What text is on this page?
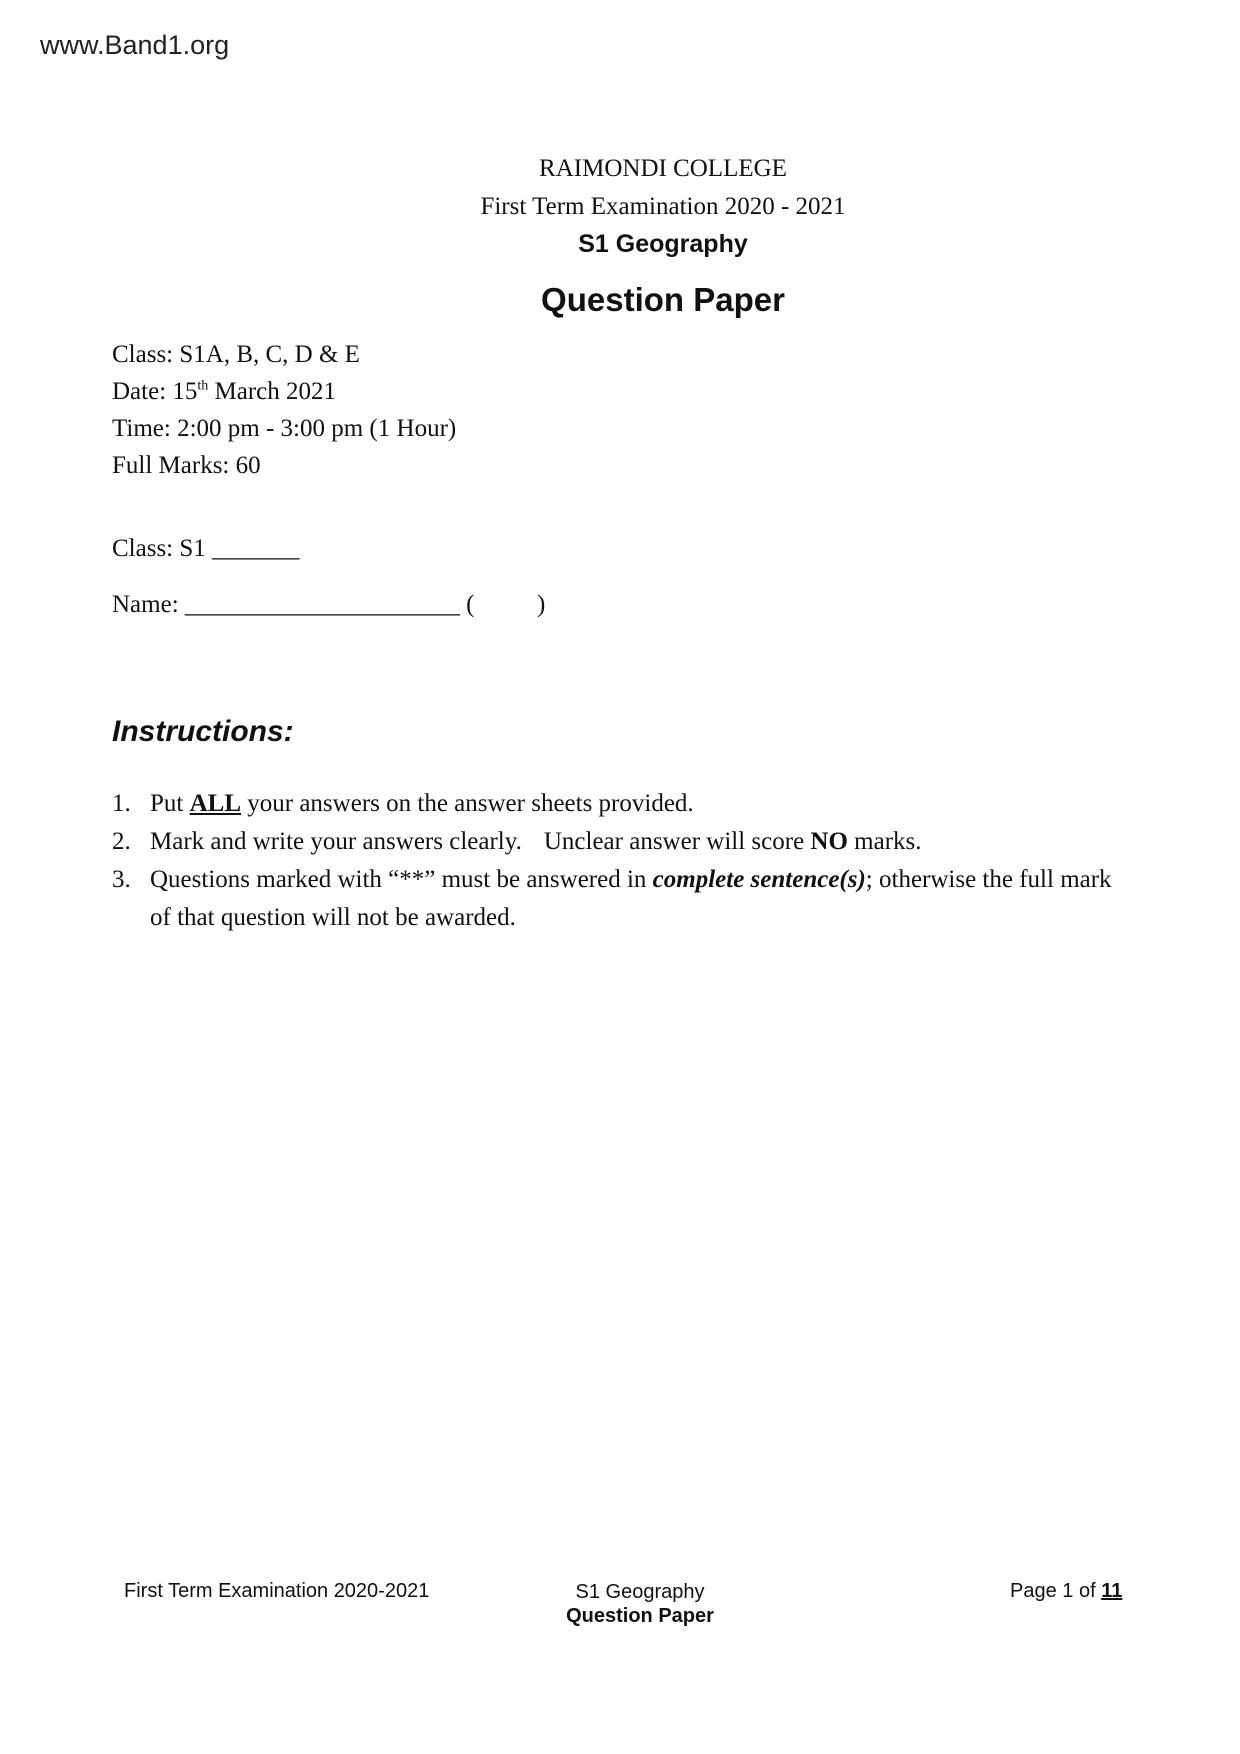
www.Band1.org
RAIMONDI COLLEGE
First Term Examination 2020 - 2021
S1 Geography
Question Paper
Class: S1A, B, C, D & E
Date: 15th March 2021
Time: 2:00 pm - 3:00 pm (1 Hour)
Full Marks: 60
Class: S1 _______
Name: ______________________ (          )
Instructions:
1. Put ALL your answers on the answer sheets provided.
2. Mark and write your answers clearly. Unclear answer will score NO marks.
3. Questions marked with “**” must be answered in complete sentence(s); otherwise the full mark
of that question will not be awarded.
First Term Examination 2020-2021	S1 Geography
Question Paper
Page 1 of 11
